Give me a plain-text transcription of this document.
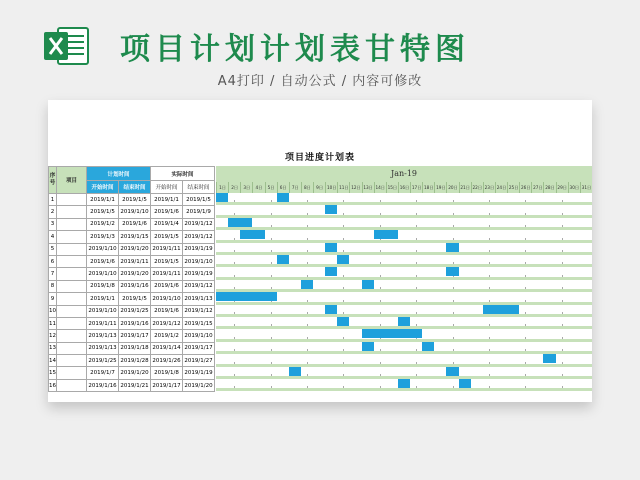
项目计划计划表甘特图
A4打印 / 自动公式 / 内容可修改
项目进度计划表
序号	项目	计划时间		实际时间	
		开始时间	结束时间	开始时间	结束时间
1		2019/1/1	2019/1/5	2019/1/1	2019/1/5
2		2019/1/5	2019/1/10	2019/1/6	2019/1/9
3		2019/1/2	2019/1/6	2019/1/4	2019/1/12
4		2019/1/3	2019/1/15	2019/1/5	2019/1/12
5		2019/1/10	2019/1/20	2019/1/11	2019/1/19
6		2019/1/6	2019/1/11	2019/1/5	2019/1/10
7		2019/1/10	2019/1/20	2019/1/11	2019/1/19
8		2019/1/8	2019/1/16	2019/1/6	2019/1/12
9		2019/1/1	2019/1/5	2019/1/10	2019/1/13
10		2019/1/10	2019/1/25	2019/1/6	2019/1/12
11		2019/1/11	2019/1/16	2019/1/12	2019/1/15
12		2019/1/13	2019/1/17	2019/1/2	2019/1/10
13		2019/1/13	2019/1/18	2019/1/14	2019/1/17
14		2019/1/25	2019/1/28	2019/1/26	2019/1/27
15		2019/1/7	2019/1/20	2019/1/8	2019/1/19
16		2019/1/16	2019/1/21	2019/1/17	2019/1/20
Jan-19
1日	2日	3日	4日	5日	6日	7日	8日	9日 10日 11日 12日 13日 14日 15日 16日 17日 18日 19日 20日 21日 22日 23日 24日 25日 26日 27日 28日 29日 30日 31日
